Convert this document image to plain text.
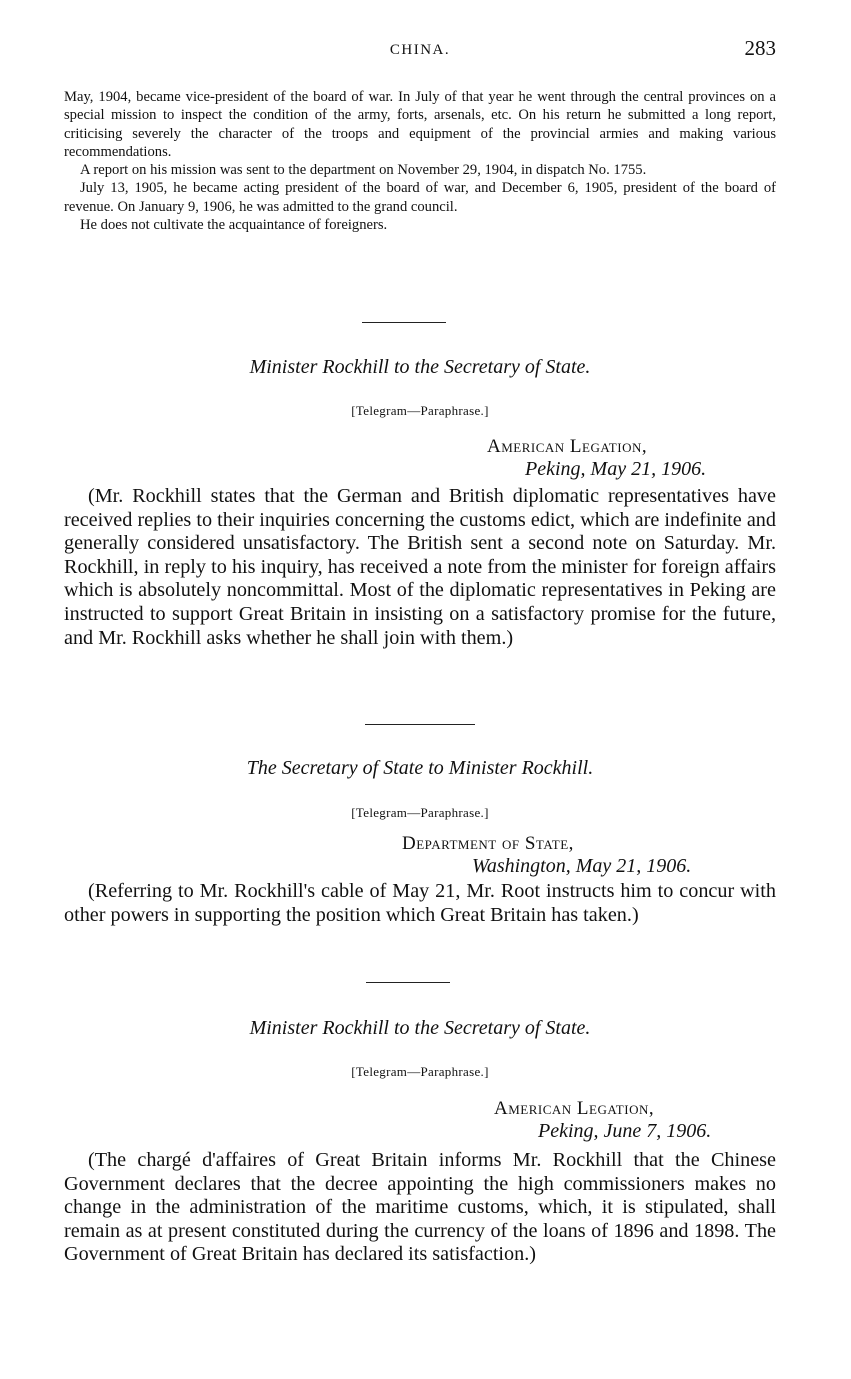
CHINA.	283

May, 1904, became vice-president of the board of war. In July of that year he went through the central provinces on a special mission to inspect the condition of the army, forts, arsenals, etc. On his return he submitted a long report, criticising severely the character of the troops and equipment of the provincial armies and making various recommendations.

A report on his mission was sent to the department on November 29, 1904, in dispatch No. 1755.

July 13, 1905, he became acting president of the board of war, and December 6, 1905, president of the board of revenue. On January 9, 1906, he was admitted to the grand council.

He does not cultivate the acquaintance of foreigners.

Minister Rockhill to the Secretary of State.
[Telegram—Paraphrase.]
American Legation,
Peking, May 21, 1906.

(Mr. Rockhill states that the German and British diplomatic representatives have received replies to their inquiries concerning the customs edict, which are indefinite and generally considered unsatisfactory. The British sent a second note on Saturday. Mr. Rockhill, in reply to his inquiry, has received a note from the minister for foreign affairs which is absolutely noncommittal. Most of the diplomatic representatives in Peking are instructed to support Great Britain in insisting on a satisfactory promise for the future, and Mr. Rockhill asks whether he shall join with them.)

The Secretary of State to Minister Rockhill.
[Telegram—Paraphrase.]
Department of State,
Washington, May 21, 1906.

(Referring to Mr. Rockhill's cable of May 21, Mr. Root instructs him to concur with other powers in supporting the position which Great Britain has taken.)

Minister Rockhill to the Secretary of State.
[Telegram—Paraphrase.]
American Legation,
Peking, June 7, 1906.

(The chargé d'affaires of Great Britain informs Mr. Rockhill that the Chinese Government declares that the decree appointing the high commissioners makes no change in the administration of the maritime customs, which, it is stipulated, shall remain as at present constituted during the currency of the loans of 1896 and 1898. The Government of Great Britain has declared its satisfaction.)
